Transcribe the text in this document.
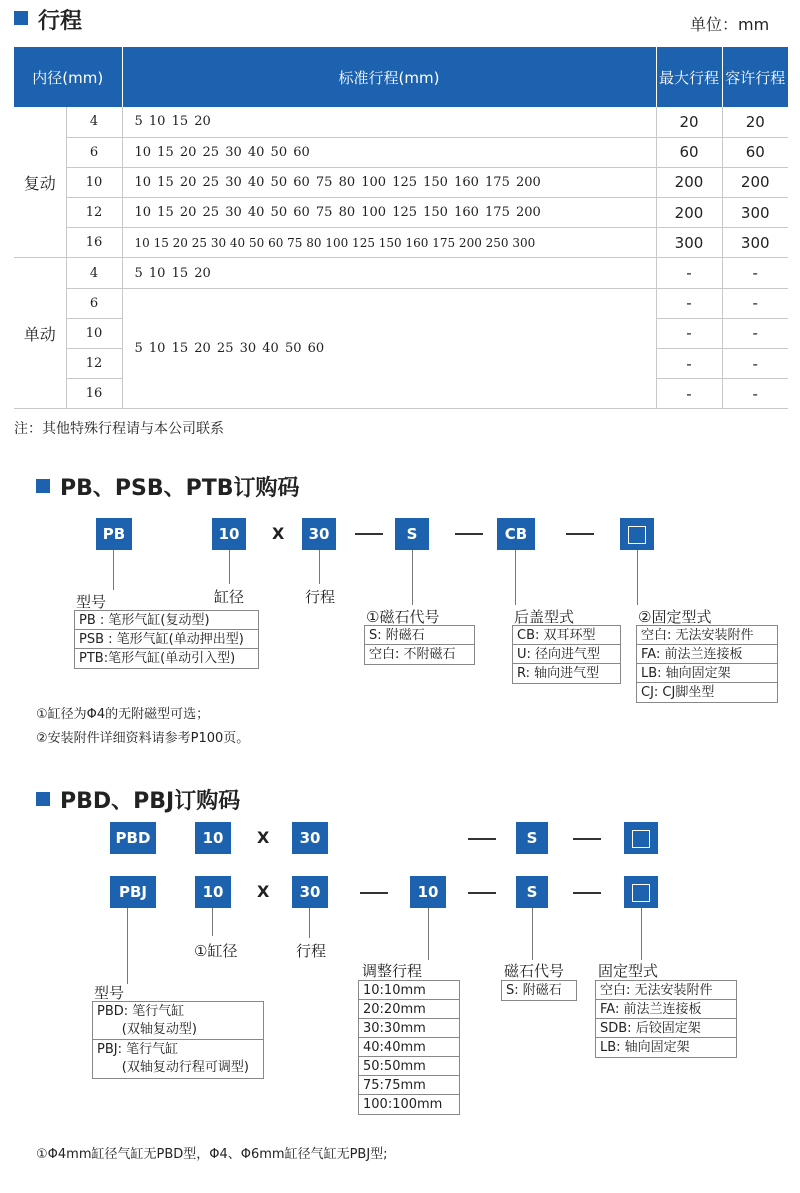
行程	单位：mm
内径(mm)		标准行程(mm)	最大行程	容许行程
复动	4	5 10 15 20	20	20
	6	10 15 20 25 30 40 50 60	60	60
	10	10 15 20 25 30 40 50 60 75 80 100 125 150 160 175 200	200	200
	12	10 15 20 25 30 40 50 60 75 80 100 125 150 160 175 200	200	300
	16	10 15 20 25 30 40 50 60 75 80 100 125 150 160 175 200 250 300	300	300
单动	4	5 10 15 20	-	-
	6	5 10 15 20 25 30 40 50 60	-	-
	10		-	-
	12		-	-
	16		-	-
注：其他特殊行程请与本公司联系
PB、PSB、PTB订购码
PB	10	X	30	S	CB
型号	缸径	行程
①磁石代号	后盖型式	②固定型式
PB : 笔形气缸(复动型)
PSB : 笔形气缸(单动押出型)
PTB:笔形气缸(单动引入型)
S: 附磁石
空白: 不附磁石
CB: 双耳环型
U: 径向进气型
R: 轴向进气型
空白: 无法安装附件
FA: 前法兰连接板
LB: 轴向固定架
CJ: CJ脚坐型
①缸径为Φ4的无附磁型可选；
②安装附件详细资料请参考P100页。
PBD、PBJ订购码
PBD	10	X	30	S
PBJ	10	X	30	10	S
①缸径	行程
调整行程	磁石代号 固定型式
型号
PBD: 笔行气缸
(双轴复动型)
PBJ: 笔行气缸
(双轴复动行程可调型)
10:10mm
20:20mm
30:30mm
40:40mm
50:50mm
75:75mm
100:100mm
S: 附磁石	空白: 无法安装附件
FA: 前法兰连接板
SDB: 后铰固定架
LB: 轴向固定架
①Φ4mm缸径气缸无PBD型，Φ4、Φ6mm缸径气缸无PBJ型;
